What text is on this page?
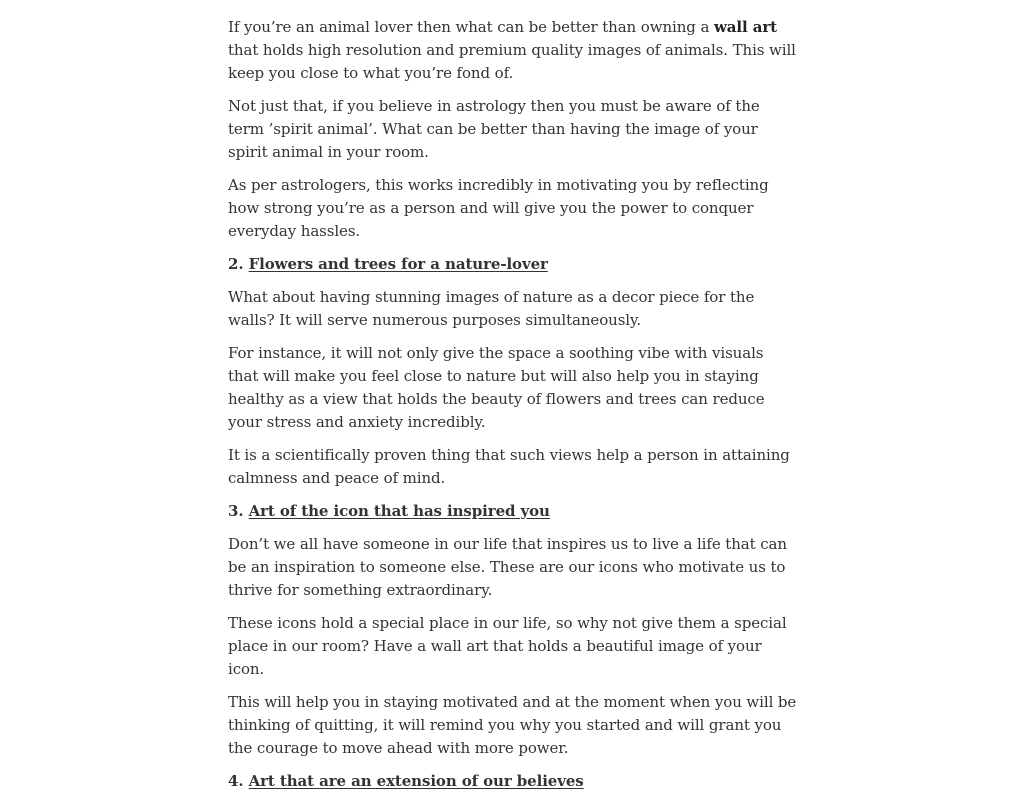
If you’re an animal lover then what can be better than owning a wall art that holds high resolution and premium quality images of animals. This will keep you close to what you’re fond of.

Not just that, if you believe in astrology then you must be aware of the term ’spirit animal’. What can be better than having the image of your spirit animal in your room.

As per astrologers, this works incredibly in motivating you by reflecting how strong you’re as a person and will give you the power to conquer everyday hassles.

2. Flowers and trees for a nature-lover

What about having stunning images of nature as a decor piece for the walls? It will serve numerous purposes simultaneously.

For instance, it will not only give the space a soothing vibe with visuals that will make you feel close to nature but will also help you in staying healthy as a view that holds the beauty of flowers and trees can reduce your stress and anxiety incredibly.

It is a scientifically proven thing that such views help a person in attaining calmness and peace of mind.

3. Art of the icon that has inspired you

Don’t we all have someone in our life that inspires us to live a life that can be an inspiration to someone else. These are our icons who motivate us to thrive for something extraordinary.

These icons hold a special place in our life, so why not give them a special place in our room? Have a wall art that holds a beautiful image of your icon.

This will help you in staying motivated and at the moment when you will be thinking of quitting, it will remind you why you started and will grant you the courage to move ahead with more power.

4. Art that are an extension of our believes
